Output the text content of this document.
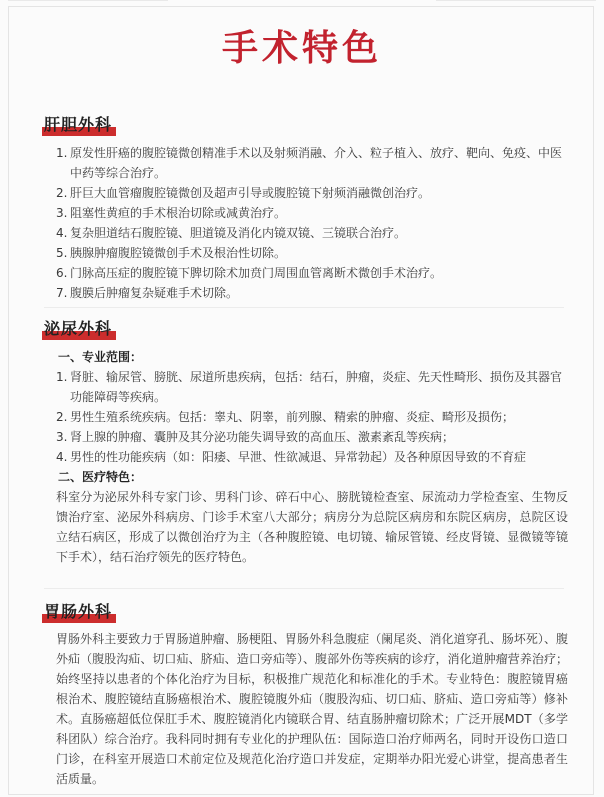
手术特色
肝胆外科
1. 原发性肝癌的腹腔镜微创精准手术以及射频消融、介入、粒子植入、放疗、靶向、免疫、中医中药等综合治疗。
2. 肝巨大血管瘤腹腔镜微创及超声引导或腹腔镜下射频消融微创治疗。
3. 阻塞性黄疸的手术根治切除或减黄治疗。
4. 复杂胆道结石腹腔镜、胆道镜及消化内镜双镜、三镜联合治疗。
5. 胰腺肿瘤腹腔镜微创手术及根治性切除。
6. 门脉高压症的腹腔镜下脾切除术加贲门周围血管离断术微创手术治疗。
7. 腹膜后肿瘤复杂疑难手术切除。
泌尿外科
一、专业范围：
1. 肾脏、输尿管、膀胱、尿道所患疾病，包括：结石，肿瘤，炎症、先天性畸形、损伤及其器官功能障碍等疾病。
2. 男性生殖系统疾病。包括：睾丸、阴睾，前列腺、精索的肿瘤、炎症、畸形及损伤；
3. 肾上腺的肿瘤、囊肿及其分泌功能失调导致的高血压、激素紊乱等疾病；
4. 男性的性功能疾病（如：阳痿、早泄、性欲减退、异常勃起）及各种原因导致的不育症
二、医疗特色：
科室分为泌尿外科专家门诊、男科门诊、碎石中心、膀胱镜检查室、尿流动力学检查室、生物反馈治疗室、泌尿外科病房、门诊手术室八大部分；病房分为总院区病房和东院区病房，总院区设立结石病区，形成了以微创治疗为主（各种腹腔镜、电切镜、输尿管镜、经皮肾镜、显微镜等镜下手术），结石治疗领先的医疗特色。
胃肠外科
胃肠外科主要致力于胃肠道肿瘤、肠梗阻、胃肠外科急腹症（阑尾炎、消化道穿孔、肠坏死）、腹外疝（腹股沟疝、切口疝、脐疝、造口旁疝等）、腹部外伤等疾病的诊疗，消化道肿瘤营养治疗；始终坚持以患者的个体化治疗为目标，积极推广规范化和标准化的手术。专业特色：腹腔镜胃癌根治术、腹腔镜结直肠癌根治术、腹腔镜腹外疝（腹股沟疝、切口疝、脐疝、造口旁疝等）修补术。直肠癌超低位保肛手术、腹腔镜消化内镜联合胃、结直肠肿瘤切除术；广泛开展MDT（多学科团队）综合治疗。我科同时拥有专业化的护理队伍：国际造口治疗师两名，同时开设伤口造口门诊，在科室开展造口术前定位及规范化治疗造口并发症，定期举办阳光爱心讲堂，提高患者生活质量。
